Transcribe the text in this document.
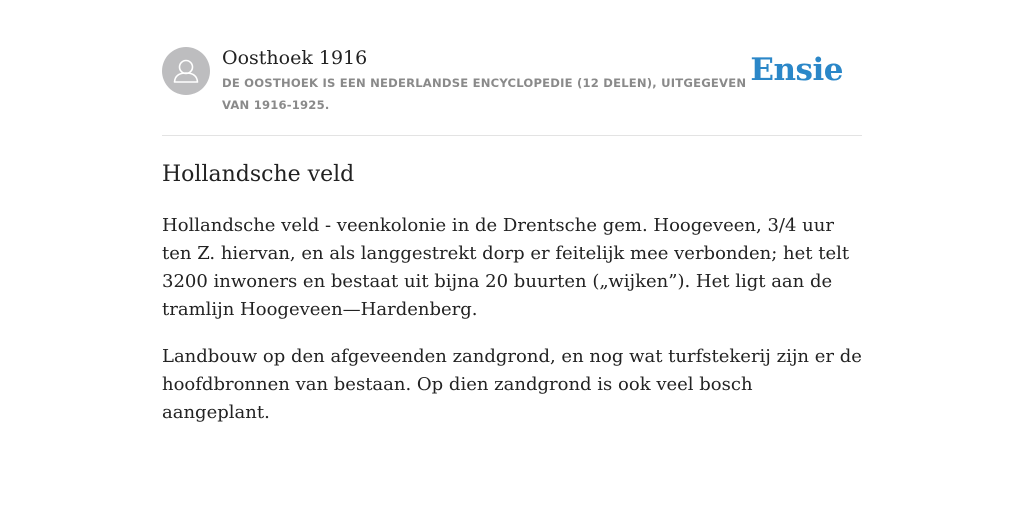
Oosthoek 1916
DE OOSTHOEK IS EEN NEDERLANDSE ENCYCLOPEDIE (12 DELEN), UITGEGEVEN VAN 1916-1925.
Ensie
Hollandsche veld

Hollandsche veld - veenkolonie in de Drentsche gem. Hoogeveen, 3/4 uur ten Z. hiervan, en als langgestrekt dorp er feitelijk mee verbonden; het telt 3200 inwoners en bestaat uit bijna 20 buurten („wijken”). Het ligt aan de tramlijn Hoogeveen—Hardenberg.

Landbouw op den afgeveenden zandgrond, en nog wat turfstekerij zijn er de hoofdbronnen van bestaan. Op dien zandgrond is ook veel bosch aangeplant.
